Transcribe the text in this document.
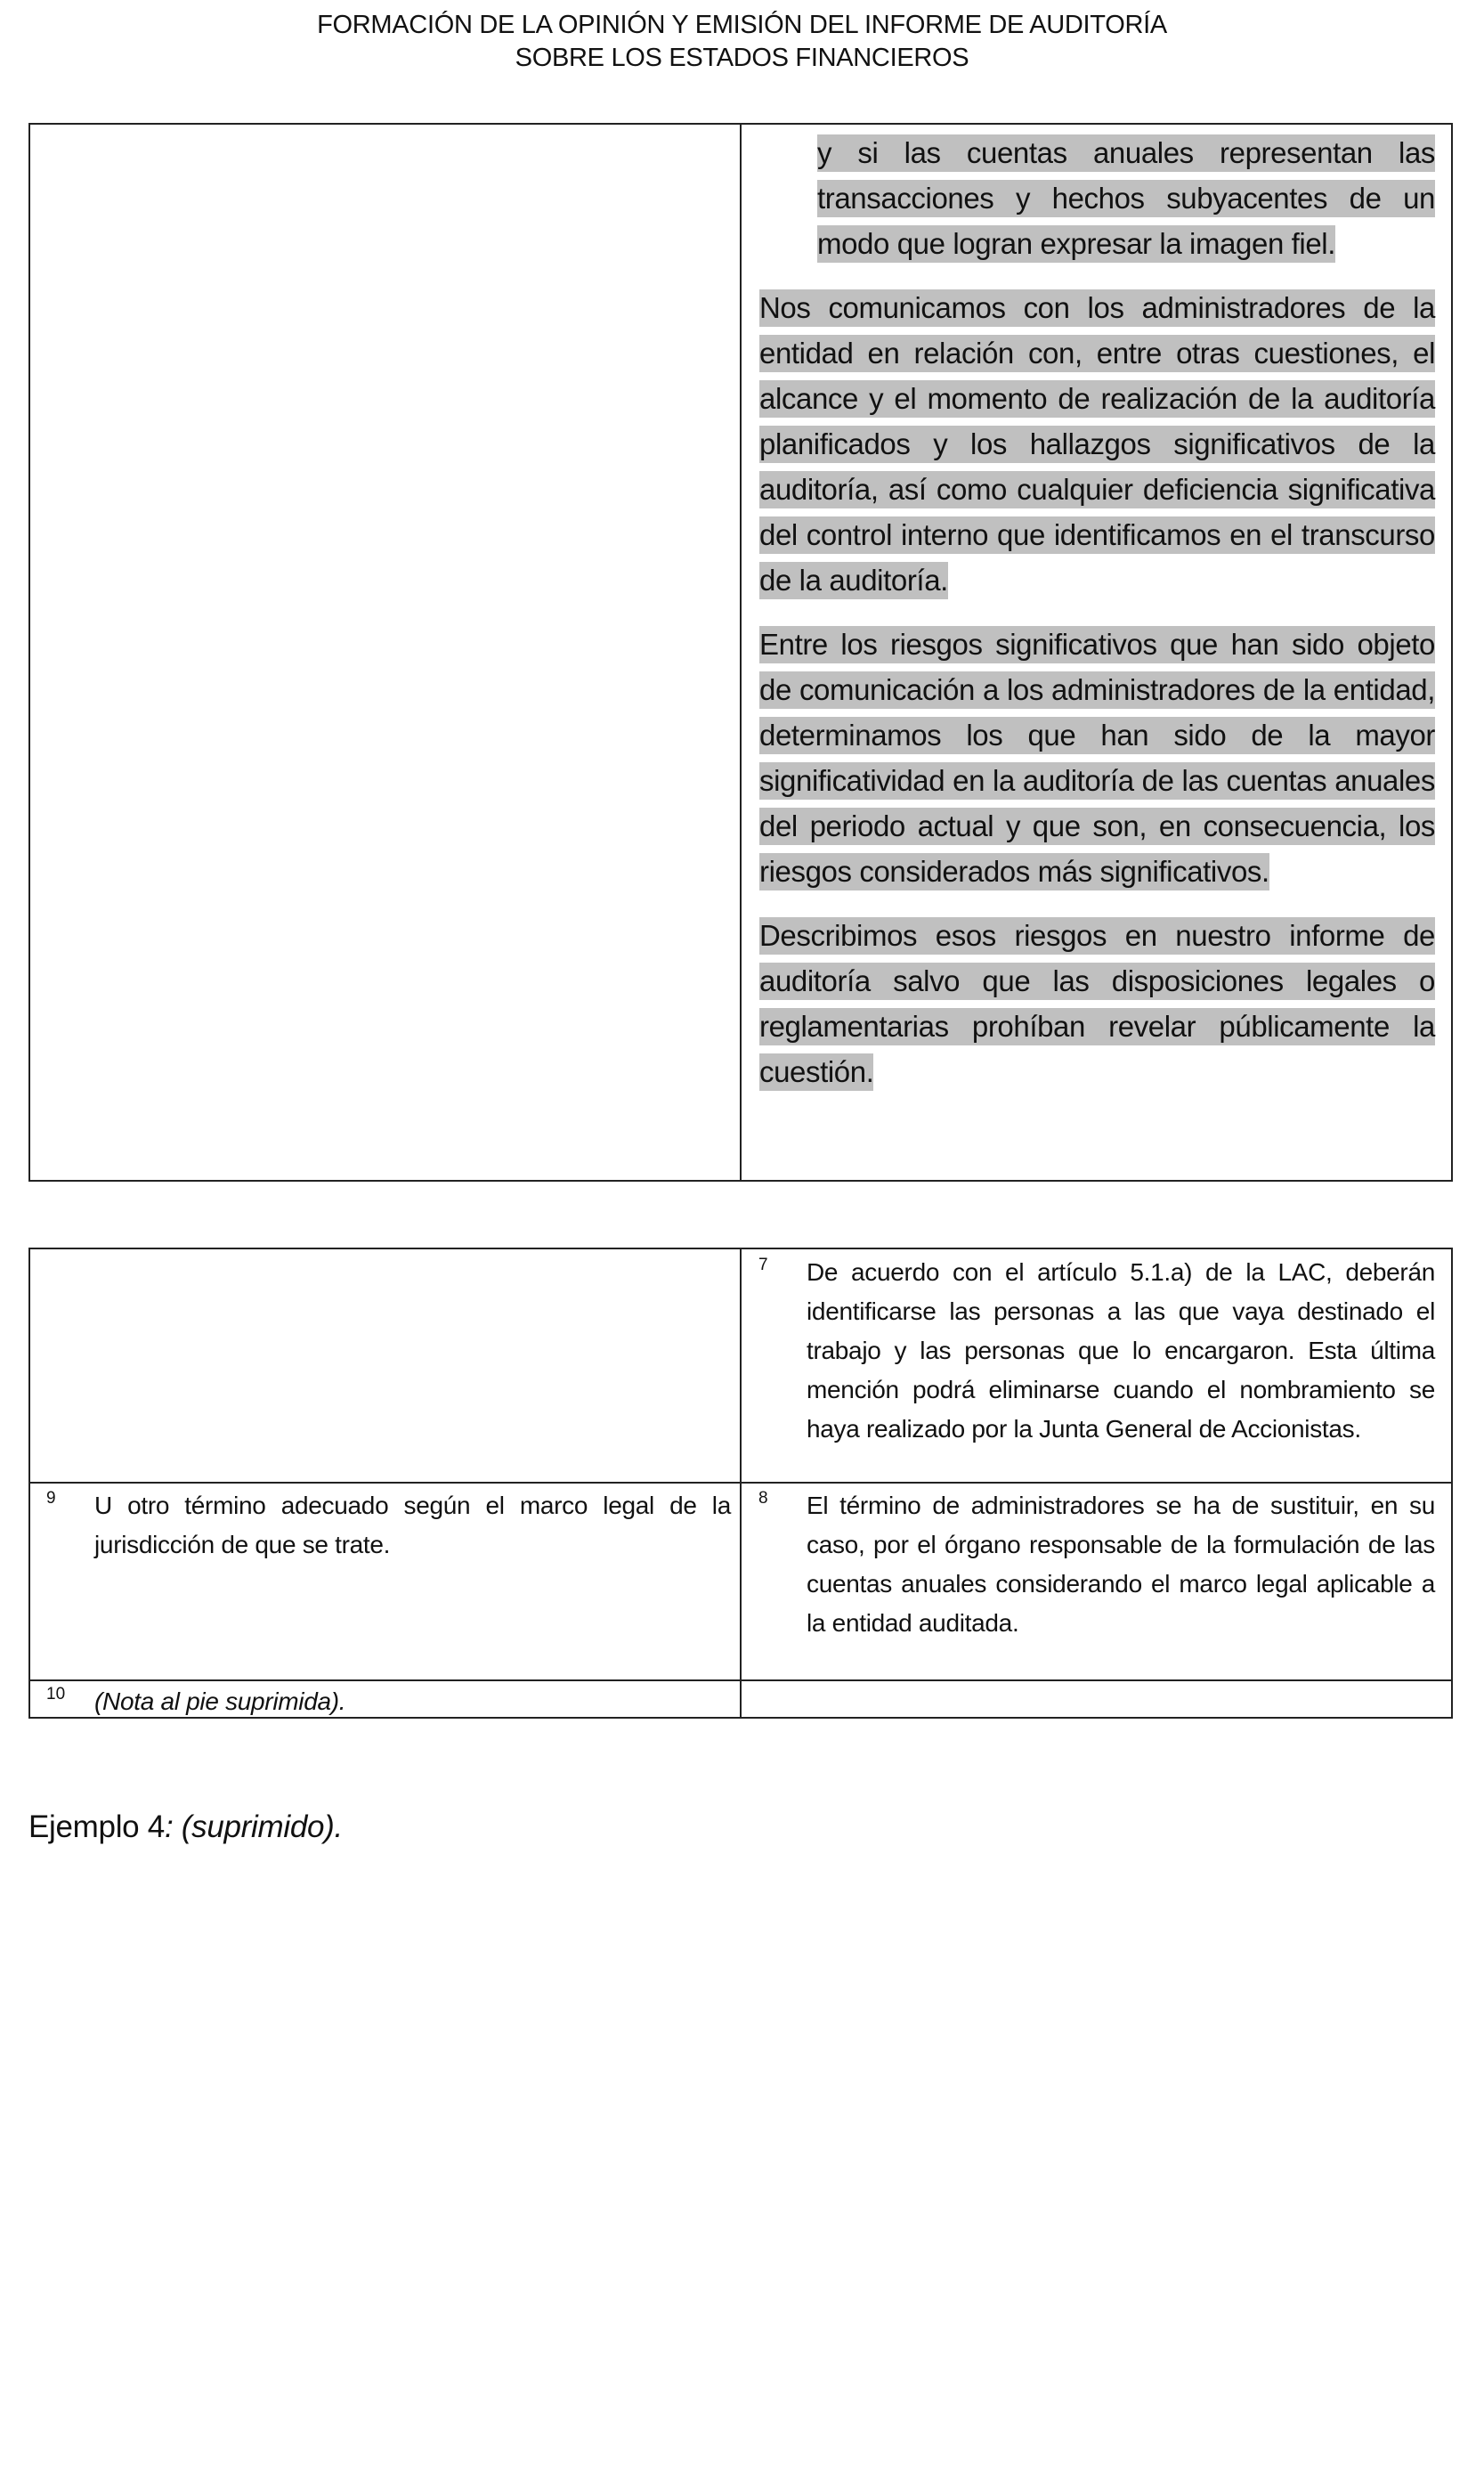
FORMACIÓN DE LA OPINIÓN Y EMISIÓN DEL INFORME DE AUDITORÍA
SOBRE LOS ESTADOS FINANCIEROS

y si las cuentas anuales representan las transacciones y hechos subyacentes de un modo que logran expresar la imagen fiel.

Nos comunicamos con los administradores de la entidad en relación con, entre otras cuestiones, el alcance y el momento de realización de la auditoría planificados y los hallazgos significativos de la auditoría, así como cualquier deficiencia significativa del control interno que identificamos en el transcurso de la auditoría.

Entre los riesgos significativos que han sido objeto de comunicación a los administradores de la entidad, determinamos los que han sido de la mayor significatividad en la auditoría de las cuentas anuales del periodo actual y que son, en consecuencia, los riesgos considerados más significativos.

Describimos esos riesgos en nuestro informe de auditoría salvo que las disposiciones legales o reglamentarias prohíban revelar públicamente la cuestión.

7 De acuerdo con el artículo 5.1.a) de la LAC, deberán identificarse las personas a las que vaya destinado el trabajo y las personas que lo encargaron. Esta última mención podrá eliminarse cuando el nombramiento se haya realizado por la Junta General de Accionistas.
9 U otro término adecuado según el marco legal de la jurisdicción de que se trate.
8 El término de administradores se ha de sustituir, en su caso, por el órgano responsable de la formulación de las cuentas anuales considerando el marco legal aplicable a la entidad auditada.
10 (Nota al pie suprimida).
Ejemplo 4: (suprimido).
